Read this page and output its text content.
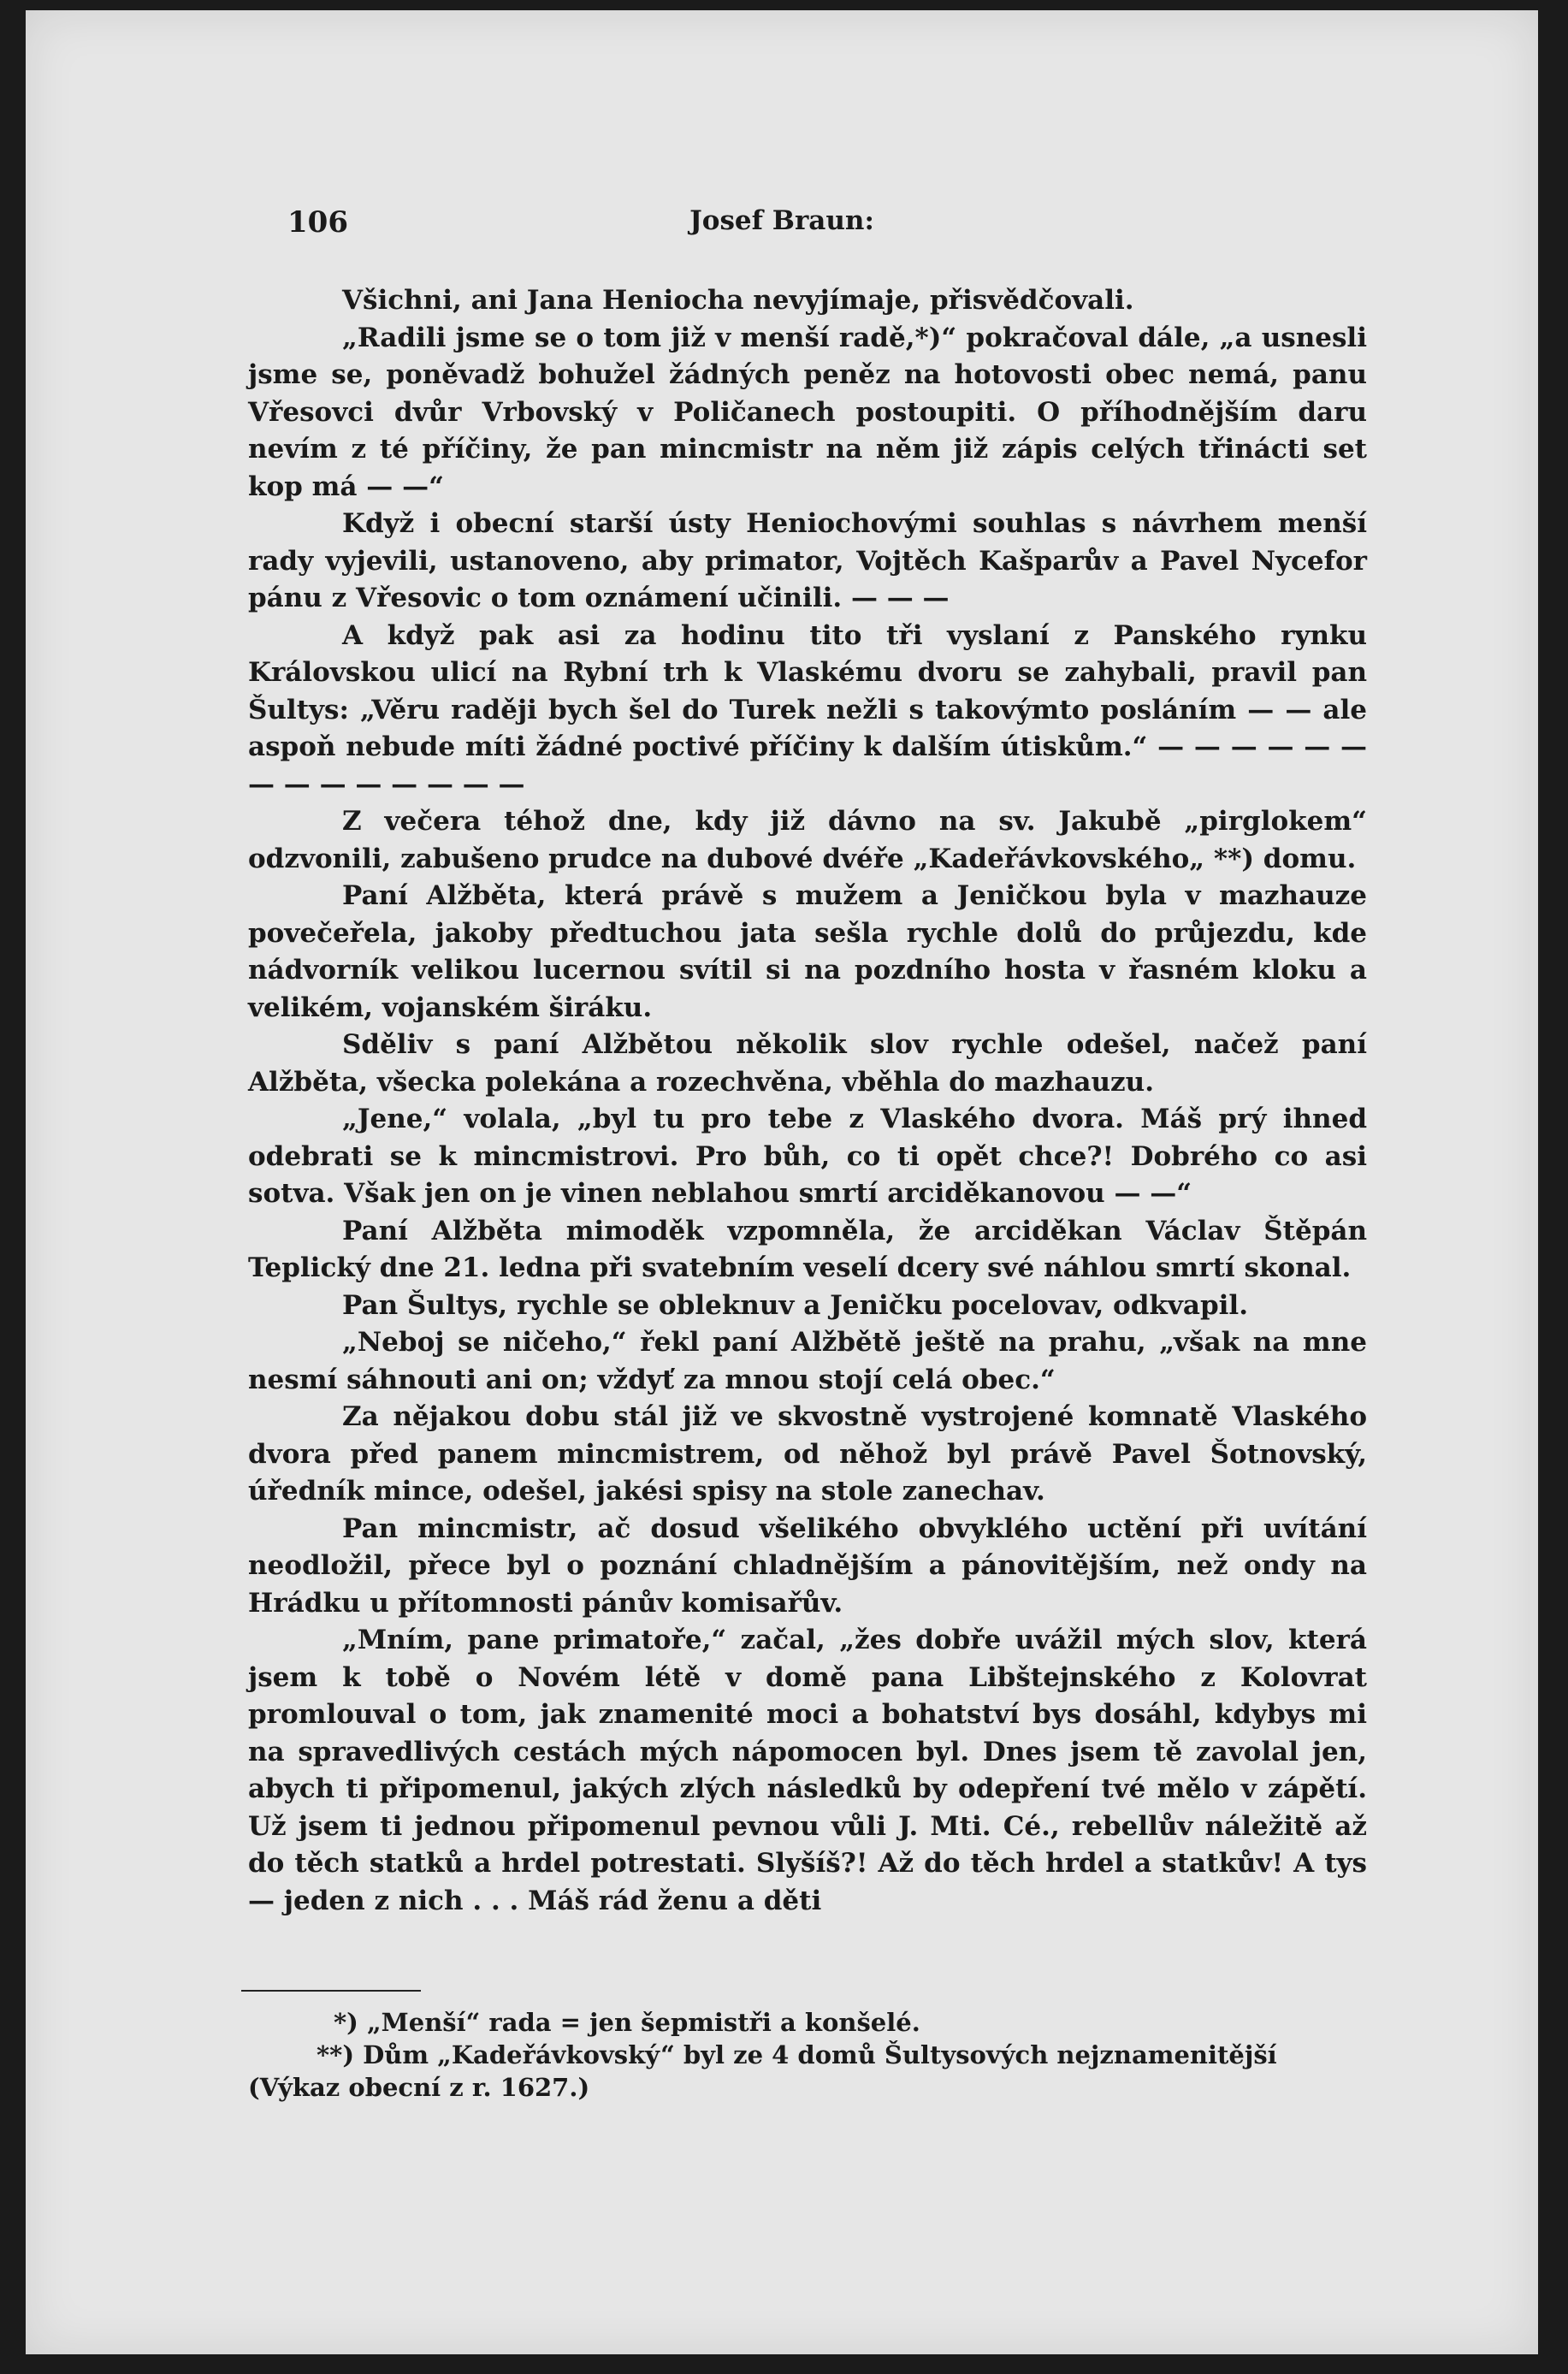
106	Josef Braun:

Všichni, ani Jana Heniocha nevyjímaje, přisvědčovali.

„Radili jsme se o tom již v menší radě,*)“ pokračoval dále, „a usnesli jsme se, poněvadž bohužel žádných peněz na hotovosti obec nemá, panu Vřesovci dvůr Vrbovský v Poličanech postoupiti. O příhodnějším daru nevím z té příčiny, že pan mincmistr na něm již zápis celých třinácti set kop má — —“

Když i obecní starší ústy Heniochovými souhlas s návrhem menší rady vyjevili, ustanoveno, aby primator, Vojtěch Kašparův a Pavel Nycefor pánu z Vřesovic o tom oznámení učinili. — — —

A když pak asi za hodinu tito tři vyslaní z Panského rynku Královskou ulicí na Rybní trh k Vlaskému dvoru se zahybali, pravil pan Šultys: „Věru raději bych šel do Turek nežli s takovýmto posláním — — ale aspoň nebude míti žádné poctivé příčiny k dalším útiskům.“ — — — — — — — — — — — — — —

Z večera téhož dne, kdy již dávno na sv. Jakubě „pirglokem“ odzvonili, zabušeno prudce na dubové dvéře „Kadeřávkovského„ **) domu.

Paní Alžběta, která právě s mužem a Jeničkou byla v mazhauze povečeřela, jakoby předtuchou jata sešla rychle dolů do průjezdu, kde nádvorník velikou lucernou svítil si na pozdního hosta v řasném kloku a velikém, vojanském širáku.

Sděliv s paní Alžbětou několik slov rychle odešel, načež paní Alžběta, všecka polekána a rozechvěna, vběhla do mazhauzu.

„Jene,“ volala, „byl tu pro tebe z Vlaského dvora. Máš prý ihned odebrati se k mincmistrovi. Pro bůh, co ti opět chce?! Dobrého co asi sotva. Však jen on je vinen neblahou smrtí arciděkanovou — —“

Paní Alžběta mimoděk vzpomněla, že arciděkan Václav Štěpán Teplický dne 21. ledna při svatebním veselí dcery své náhlou smrtí skonal.

Pan Šultys, rychle se obleknuv a Jeničku pocelovav, odkvapil.

„Neboj se ničeho,“ řekl paní Alžbětě ještě na prahu, „však na mne nesmí sáhnouti ani on; vždyť za mnou stojí celá obec.“

Za nějakou dobu stál již ve skvostně vystrojené komnatě Vlaského dvora před panem mincmistrem, od něhož byl právě Pavel Šotnovský, úředník mince, odešel, jakési spisy na stole zanechav.

Pan mincmistr, ač dosud všelikého obvyklého uctění při uvítání neodložil, přece byl o poznání chladnějším a pánovitějším, než ondy na Hrádku u přítomnosti pánův komisařův.

„Mním, pane primatoře,“ začal, „žes dobře uvážil mých slov, která jsem k tobě o Novém létě v domě pana Libštejnského z Kolovrat promlouval o tom, jak znamenité moci a bohatství bys dosáhl, kdybys mi na spravedlivých cestách mých nápomocen byl. Dnes jsem tě zavolal jen, abych ti připomenul, jakých zlých následků by odepření tvé mělo v zápětí. Už jsem ti jednou připomenul pevnou vůli J. Mti. Cé., rebellův náležitě až do těch statků a hrdel potrestati. Slyšíš?! Až do těch hrdel a statkův! A tys — jeden z nich . . . Máš rád ženu a děti

*) „Menší“ rada = jen šepmistři a konšelé.

**) Dům „Kadeřávkovský“ byl ze 4 domů Šultysových nejznamenitější

(Výkaz obecní z r. 1627.)
